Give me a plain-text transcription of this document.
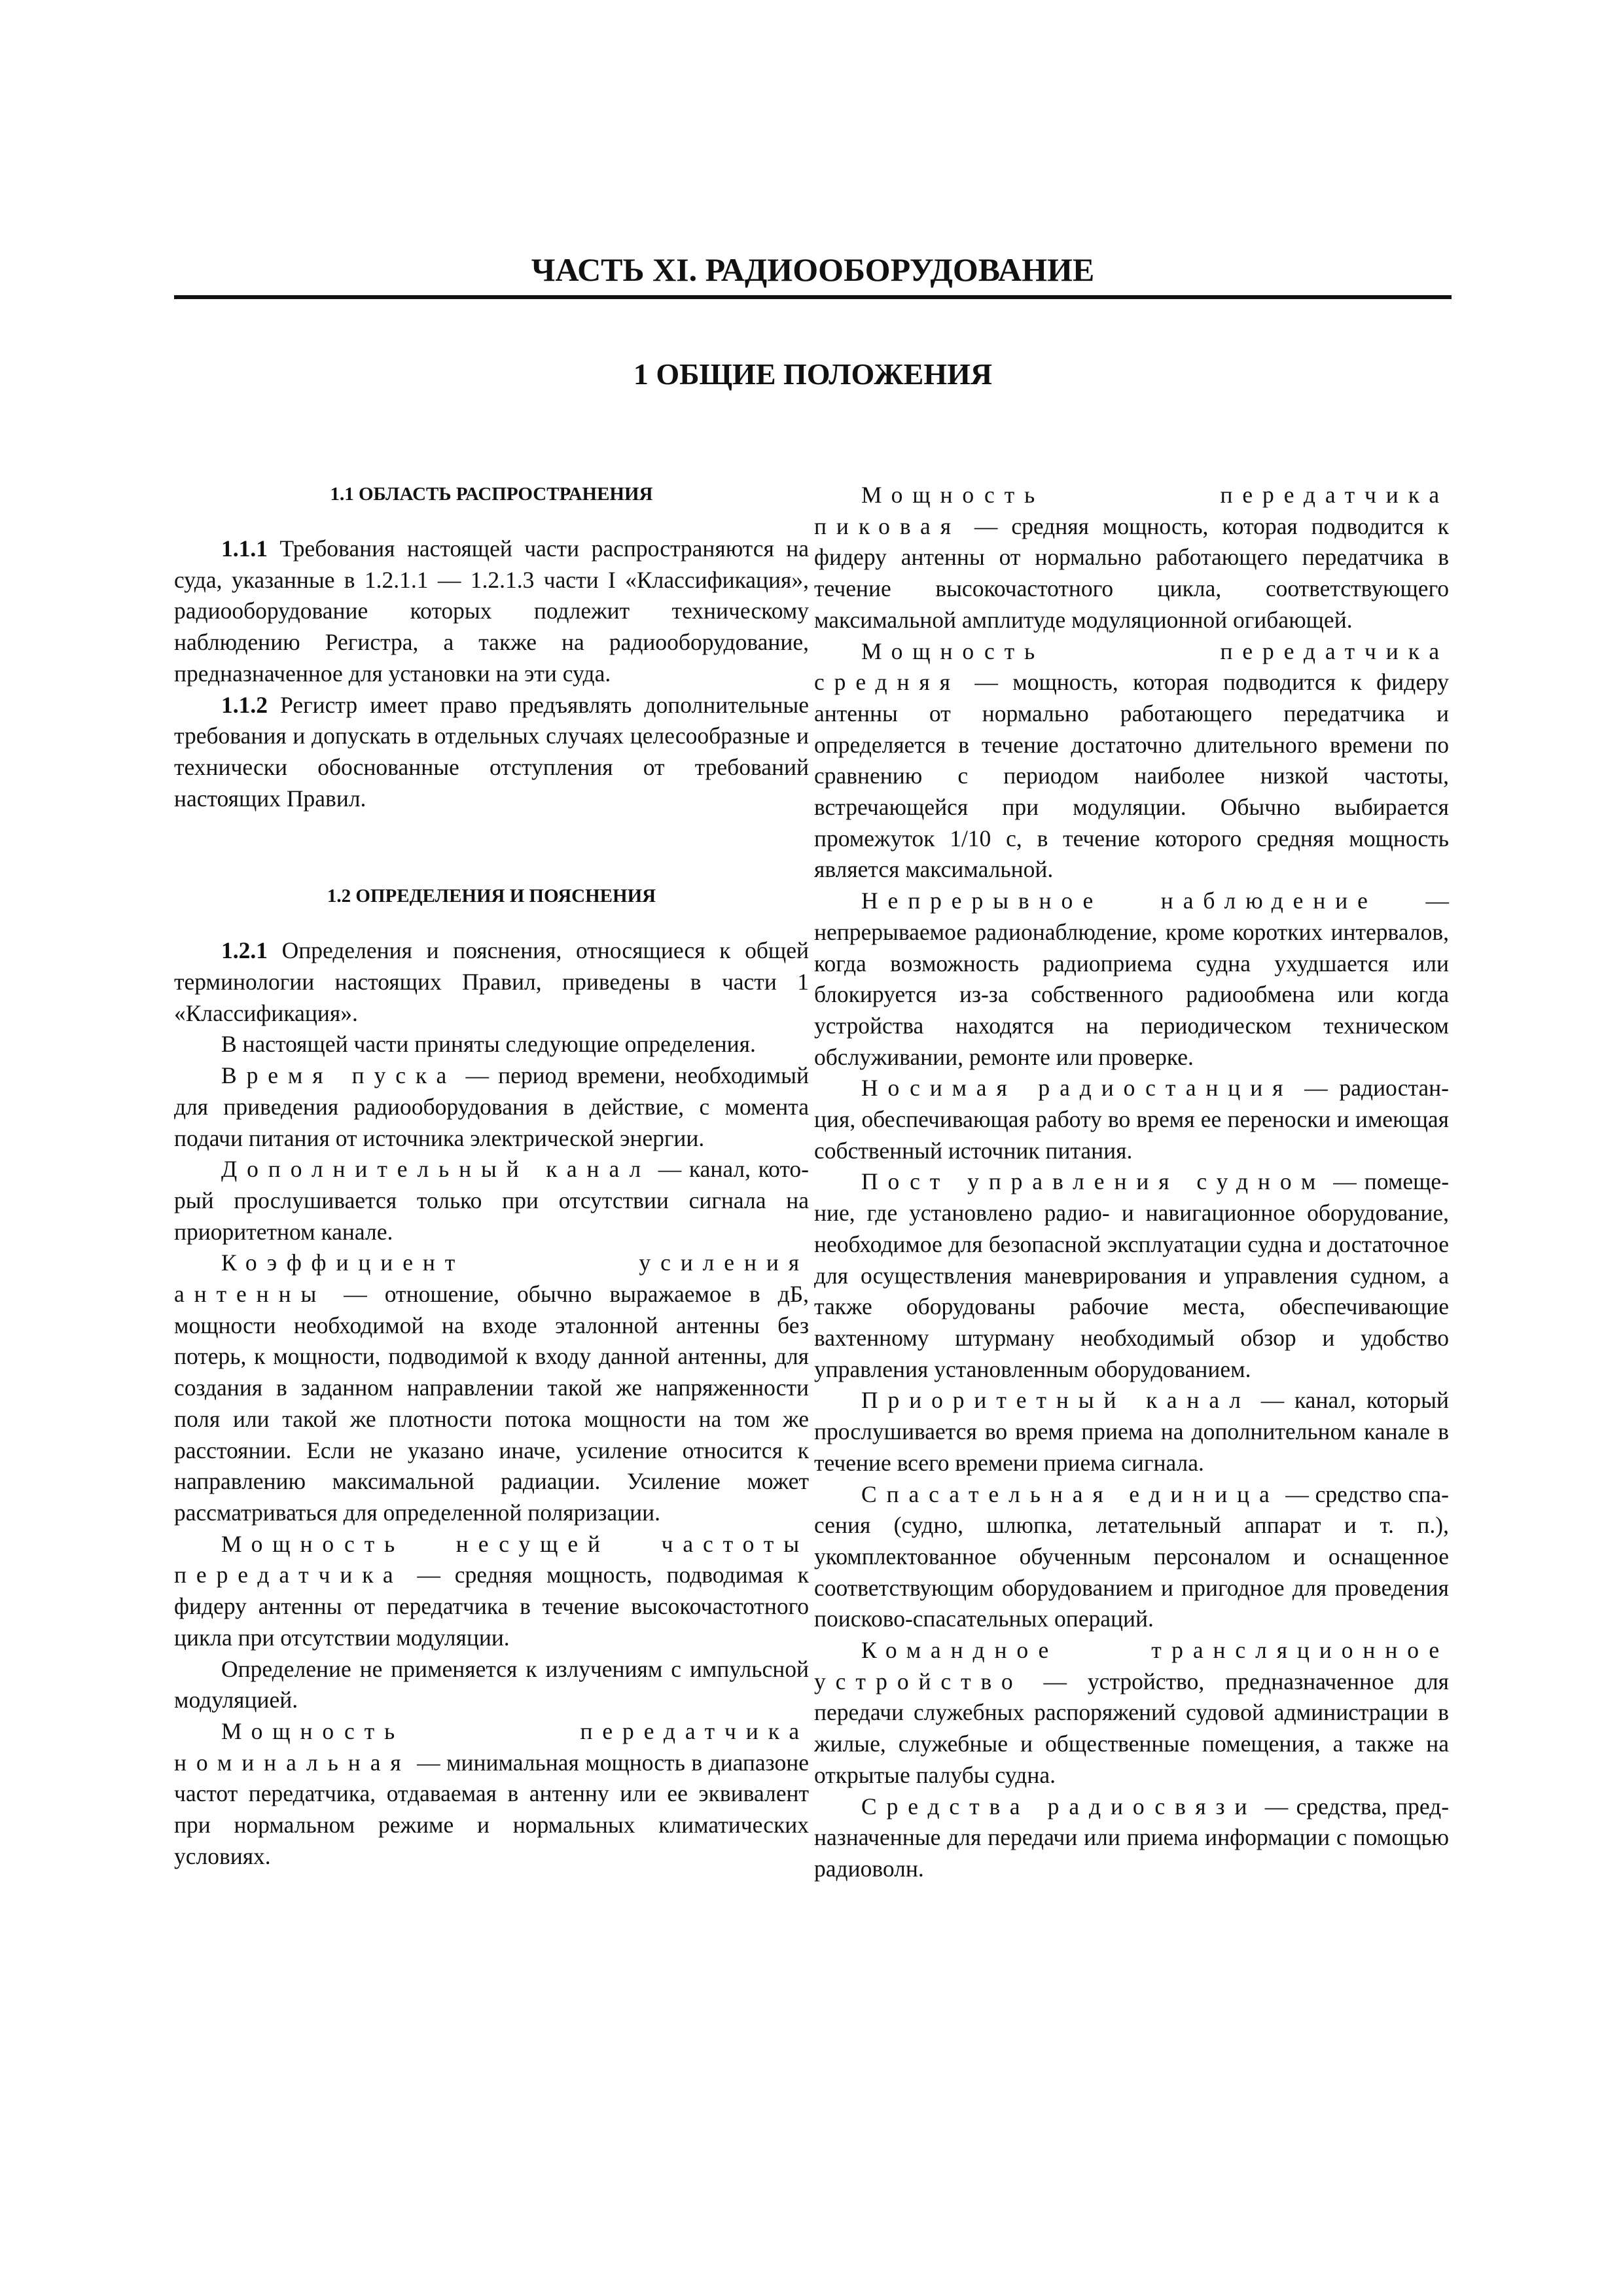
ЧАСТЬ XI. РАДИООБОРУДОВАНИЕ
1 ОБЩИЕ ПОЛОЖЕНИЯ
1.1 ОБЛАСТЬ РАСПРОСТРАНЕНИЯ

1.1.1 Требования настоящей части распространяются на суда, указанные в 1.2.1.1 — 1.2.1.3 части I «Классификация», радиооборудование которых подлежит техническому наблюдению Регистра, а также на радиооборудование, предназначенное для установки на эти суда.

1.1.2 Регистр имеет право предъявлять дополнительные требования и допускать в отдельных случаях целесообразные и технически обоснованные отступления от требований настоящих Правил.

1.2 ОПРЕДЕЛЕНИЯ И ПОЯСНЕНИЯ

1.2.1 Определения и пояснения, относящиеся к общей терминологии настоящих Правил, приведены в части 1 «Классификация».

В настоящей части приняты следующие определения.

Время пуска — период времени, необходимый для приведения радиооборудования в действие, с момента подачи питания от источника электрической энергии.

Дополнительный канал — канал, который прослушивается только при отсутствии сигнала на приоритетном канале.

Коэффициент усиления антенны — отношение, обычно выражаемое в дБ, мощности необходимой на входе эталонной антенны без потерь, к мощности, подводимой к входу данной антенны, для создания в заданном направлении такой же напряженности поля или такой же плотности потока мощности на том же расстоянии. Если не указано иначе, усиление относится к направлению максимальной радиации. Усиление может рассматриваться для определенной поляризации.

Мощность несущей частоты передатчика — средняя мощность, подводимая к фидеру антенны от передатчика в течение высокочастотного цикла при отсутствии модуляции.

Определение не применяется к излучениям с импульсной модуляцией.

Мощность передатчика номинальная — минимальная мощность в диапазоне частот передатчика, отдаваемая в антенну или ее эквивалент при нормальном режиме и нормальных климатических условиях.

Мощность передатчика пиковая — средняя мощность, которая подводится к фидеру антенны от нормально работающего передатчика в течение высокочастотного цикла, соответствующего максимальной амплитуде модуляционной огибающей.

Мощность передатчика средняя — мощность, которая подводится к фидеру антенны от нормально работающего передатчика и определяется в течение достаточно длительного времени по сравнению с периодом наиболее низкой частоты, встречающейся при модуляции. Обычно выбирается промежуток 1/10 с, в течение которого средняя мощность является максимальной.

Непрерывное наблюдение — непрерываемое радионаблюдение, кроме коротких интервалов, когда возможность радиоприема судна ухудшается или блокируется из-за собственного радиообмена или когда устройства находятся на периодическом техническом обслуживании, ремонте или проверке.

Носимая радиостанция — радиостанция, обеспечивающая работу во время ее переноски и имеющая собственный источник питания.

Пост управления судном — помещение, где установлено радио- и навигационное оборудование, необходимое для безопасной эксплуатации судна и достаточное для осуществления маневрирования и управления судном, а также оборудованы рабочие места, обеспечивающие вахтенному штурману необходимый обзор и удобство управления установленным оборудованием.

Приоритетный канал — канал, который прослушивается во время приема на дополнительном канале в течение всего времени приема сигнала.

Спасательная единица — средство спасения (судно, шлюпка, летательный аппарат и т. п.), укомплектованное обученным персоналом и оснащенное соответствующим оборудованием и пригодное для проведения поисково-спасательных операций.

Командное трансляционное устройство — устройство, предназначенное для передачи служебных распоряжений судовой администрации в жилые, служебные и общественные помещения, а также на открытые палубы судна.

Средства радиосвязи — средства, предназначенные для передачи или приема информации с помощью радиоволн.
